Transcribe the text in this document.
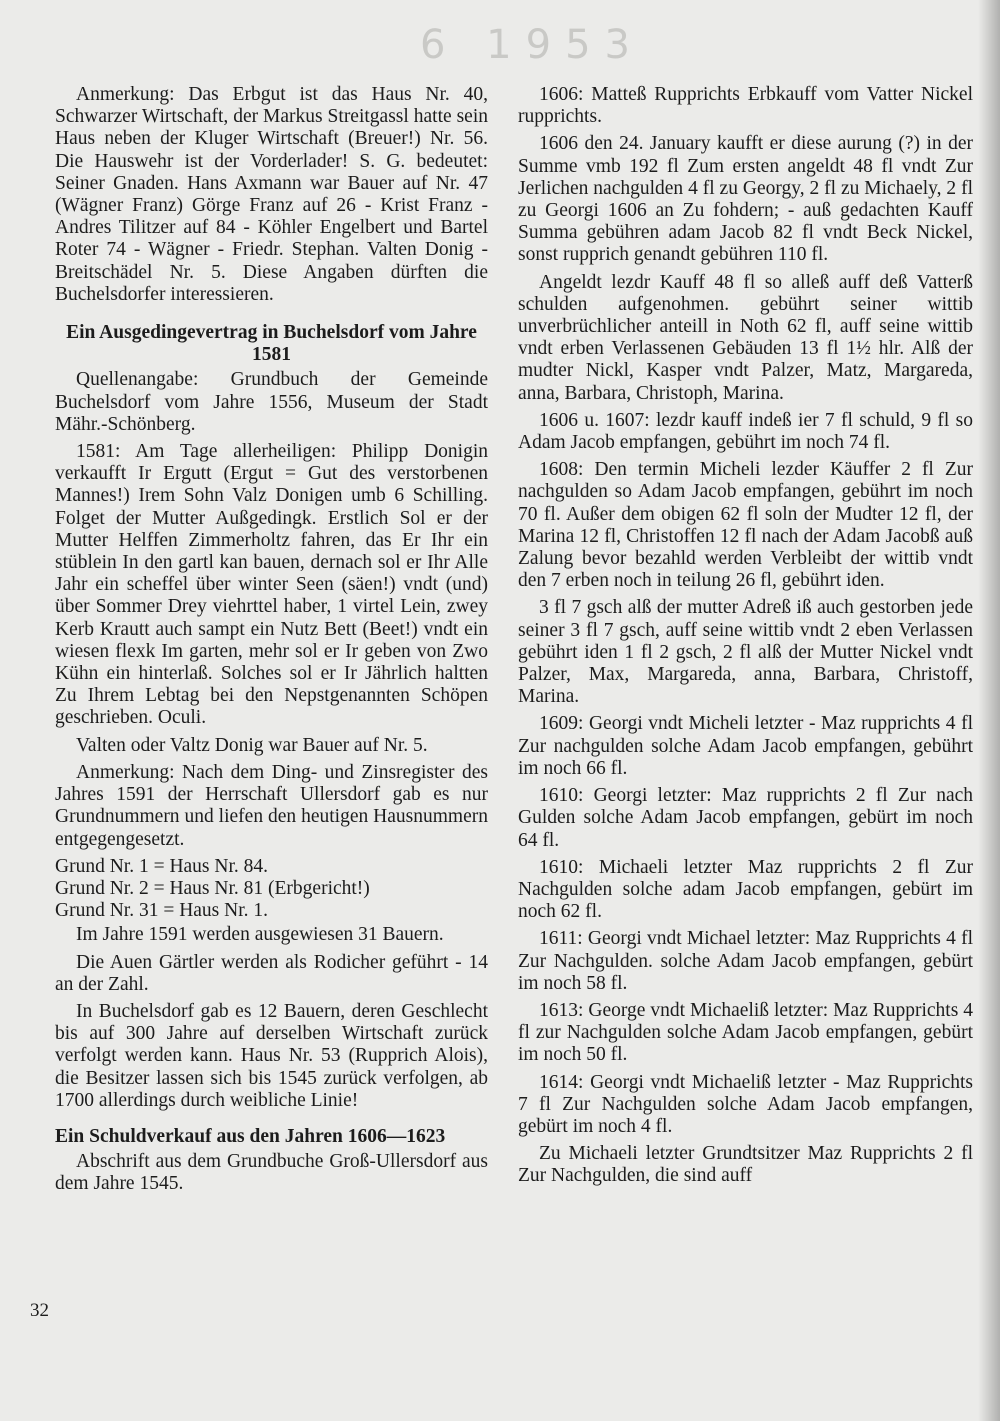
6 1953

Anmerkung: Das Erbgut ist das Haus Nr. 40, Schwarzer Wirtschaft, der Markus Streitgassl hatte sein Haus neben der Kluger Wirtschaft (Breuer!) Nr. 56. Die Hauswehr ist der Vorderlader! S. G. bedeutet: Seiner Gnaden. Hans Axmann war Bauer auf Nr. 47 (Wägner Franz) Görge Franz auf 26 - Krist Franz - Andres Tilitzer auf 84 - Köhler Engelbert und Bartel Roter 74 - Wägner - Friedr. Stephan. Valten Donig - Breitschädel Nr. 5. Diese Angaben dürften die Buchelsdorfer interessieren.

Ein Ausgedingevertrag in Buchelsdorf vom Jahre 1581

Quellenangabe: Grundbuch der Gemeinde Buchelsdorf vom Jahre 1556, Museum der Stadt Mähr.-Schönberg.

1581: Am Tage allerheiligen: Philipp Donigin verkaufft Ir Ergutt (Ergut = Gut des verstorbenen Mannes!) Irem Sohn Valz Donigen umb 6 Schilling. Folget der Mutter Außgedingk. Erstlich Sol er der Mutter Helffen Zimmerholtz fahren, das Er Ihr ein stüblein In den gartl kan bauen, dernach sol er Ihr Alle Jahr ein scheffel über winter Seen (säen!) vndt (und) über Sommer Drey viehrttel haber, 1 virtel Lein, zwey Kerb Krautt auch sampt ein Nutz Bett (Beet!) vndt ein wiesen flexk Im garten, mehr sol er Ir geben von Zwo Kühn ein hinterlaß. Solches sol er Ir Jährlich haltten Zu Ihrem Lebtag bei den Nepstgenannten Schöpen geschrieben. Oculi.

Valten oder Valtz Donig war Bauer auf Nr. 5.

Anmerkung: Nach dem Ding- und Zinsregister des Jahres 1591 der Herrschaft Ullersdorf gab es nur Grundnummern und liefen den heutigen Hausnummern entgegengesetzt.

Grund Nr. 1 = Haus Nr. 84.
Grund Nr. 2 = Haus Nr. 81 (Erbgericht!)
Grund Nr. 31 = Haus Nr. 1.

Im Jahre 1591 werden ausgewiesen 31 Bauern.

Die Auen Gärtler werden als Rodicher geführt - 14 an der Zahl.

In Buchelsdorf gab es 12 Bauern, deren Geschlecht bis auf 300 Jahre auf derselben Wirtschaft zurück verfolgt werden kann. Haus Nr. 53 (Rupprich Alois), die Besitzer lassen sich bis 1545 zurück verfolgen, ab 1700 allerdings durch weibliche Linie!

Ein Schuldverkauf aus den Jahren 1606—1623

Abschrift aus dem Grundbuche Groß-Ullersdorf aus dem Jahre 1545.

1606: Matteß Rupprichts Erbkauff vom Vatter Nickel rupprichts.

1606 den 24. January kaufft er diese aurung (?) in der Summe vmb 192 fl Zum ersten angeldt 48 fl vndt Zur Jerlichen nachgulden 4 fl zu Georgy, 2 fl zu Michaely, 2 fl zu Georgi 1606 an Zu fohdern; - auß gedachten Kauff Summa gebühren adam Jacob 82 fl vndt Beck Nickel, sonst rupprich genandt gebühren 110 fl.

Angeldt lezdr Kauff 48 fl so alleß auff deß Vatterß schulden aufgenohmen. gebührt seiner wittib unverbrüchlicher anteill in Noth 62 fl, auff seine wittib vndt erben Verlassenen Gebäuden 13 fl 1½ hlr. Alß der mudter Nickl, Kasper vndt Palzer, Matz, Margareda, anna, Barbara, Christoph, Marina.

1606 u. 1607: lezdr kauff indeß ier 7 fl schuld, 9 fl so Adam Jacob empfangen, gebührt im noch 74 fl.

1608: Den termin Micheli lezder Käuffer 2 fl Zur nachgulden so Adam Jacob empfangen, gebührt im noch 70 fl. Außer dem obigen 62 fl soln der Mudter 12 fl, der Marina 12 fl, Christoffen 12 fl nach der Adam Jacobß auß Zalung bevor bezahld werden Verbleibt der wittib vndt den 7 erben noch in teilung 26 fl, gebührt iden.

3 fl 7 gsch alß der mutter Adreß iß auch gestorben jede seiner 3 fl 7 gsch, auff seine wittib vndt 2 eben Verlassen gebührt iden 1 fl 2 gsch, 2 fl alß der Mutter Nickel vndt Palzer, Max, Margareda, anna, Barbara, Christoff, Marina.

1609: Georgi vndt Micheli letzter - Maz rupprichts 4 fl Zur nachgulden solche Adam Jacob empfangen, gebührt im noch 66 fl.

1610: Georgi letzter: Maz rupprichts 2 fl Zur nach Gulden solche Adam Jacob empfangen, gebürt im noch 64 fl.

1610: Michaeli letzter Maz rupprichts 2 fl Zur Nachgulden solche adam Jacob empfangen, gebürt im noch 62 fl.

1611: Georgi vndt Michael letzter: Maz Rupprichts 4 fl Zur Nachgulden. solche Adam Jacob empfangen, gebürt im noch 58 fl.

1613: George vndt Michaeliß letzter: Maz Rupprichts 4 fl zur Nachgulden solche Adam Jacob empfangen, gebürt im noch 50 fl.

1614: Georgi vndt Michaeliß letzter - Maz Rupprichts 7 fl Zur Nachgulden solche Adam Jacob empfangen, gebürt im noch 4 fl.

Zu Michaeli letzter Grundtsitzer Maz Rupprichts 2 fl Zur Nachgulden, die sind auff

32
